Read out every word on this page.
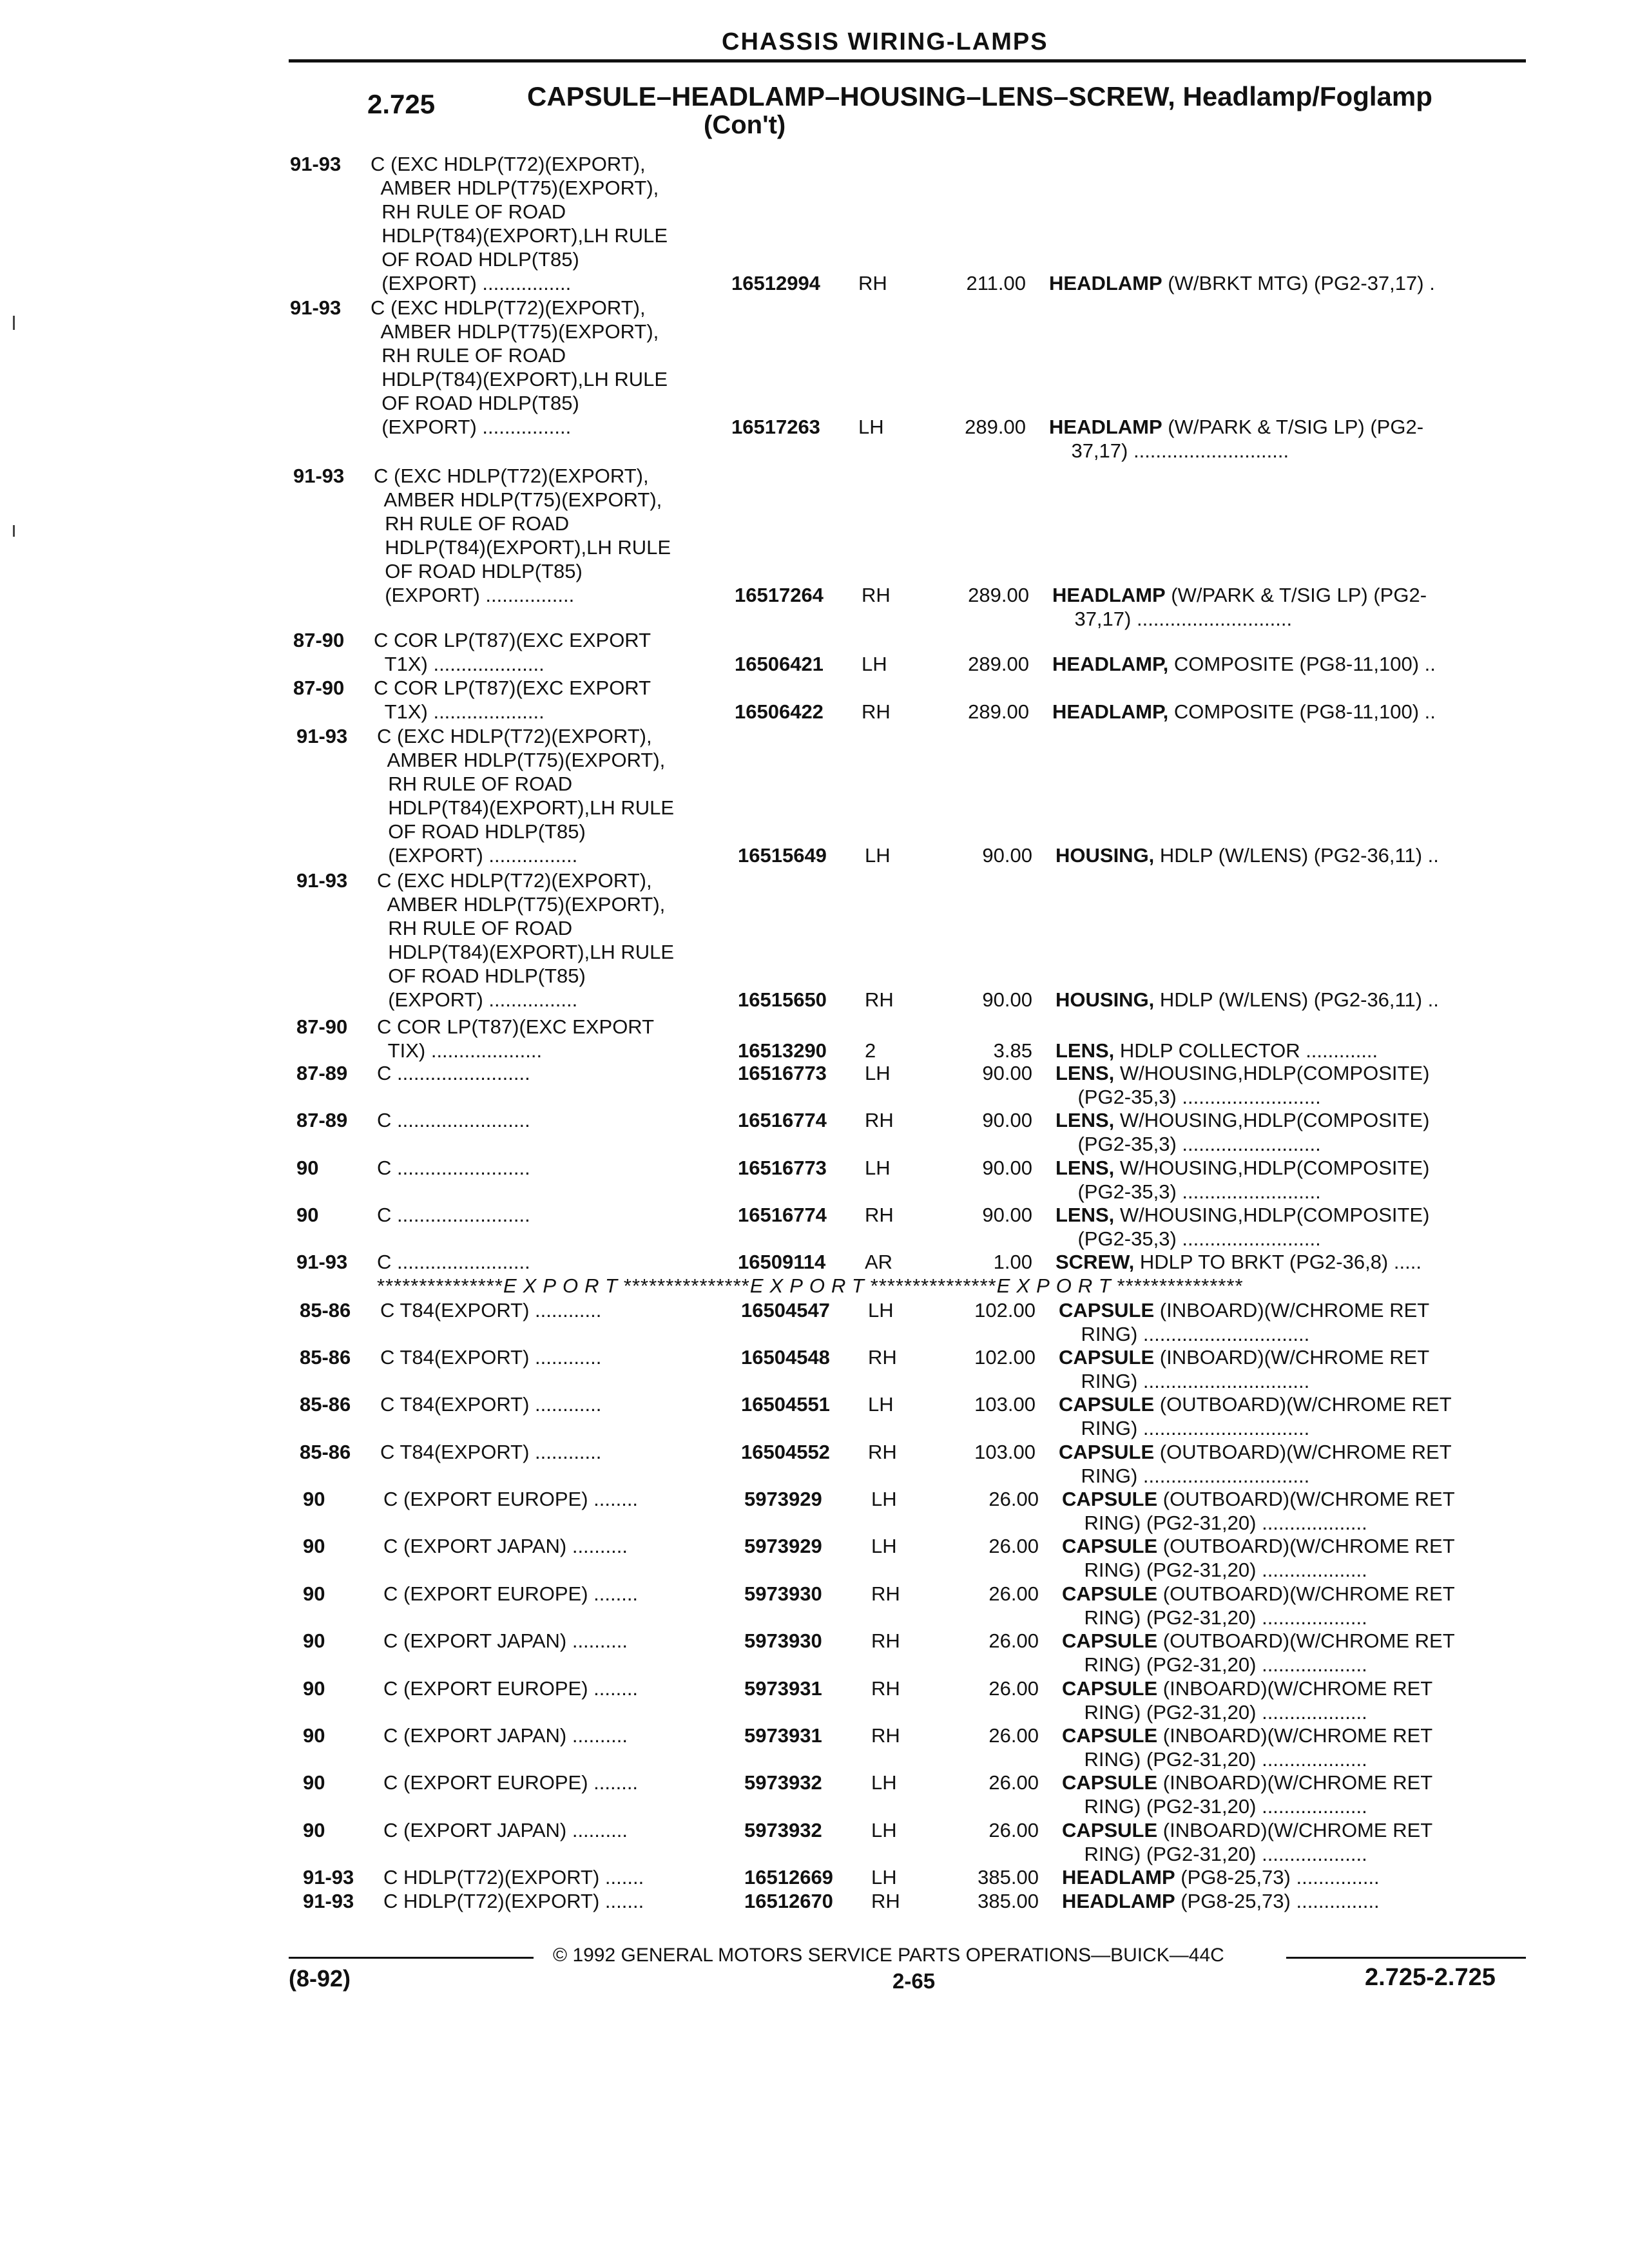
CHASSIS WIRING-LAMPS
2.725	CAPSULE–HEADLAMP–HOUSING–LENS–SCREW, Headlamp/Foglamp
(Con't)
91-93 C (EXC HDLP(T72)(EXPORT),
AMBER HDLP(T75)(EXPORT),
RH RULE OF ROAD
HDLP(T84)(EXPORT),LH RULE
OF ROAD HDLP(T85)
(EXPORT) ................	16512994 RH	211.00 HEADLAMP (W/BRKT MTG) (PG2-37,17) .
91-93 C (EXC HDLP(T72)(EXPORT),
AMBER HDLP(T75)(EXPORT),
RH RULE OF ROAD
HDLP(T84)(EXPORT),LH RULE
OF ROAD HDLP(T85)
(EXPORT) ................	16517263 LH	289.00 HEADLAMP (W/PARK & T/SIG LP) (PG2-
37,17) ............................
91-93 C (EXC HDLP(T72)(EXPORT),
AMBER HDLP(T75)(EXPORT),
RH RULE OF ROAD
HDLP(T84)(EXPORT),LH RULE
OF ROAD HDLP(T85)
(EXPORT) ................	16517264 RH	289.00 HEADLAMP (W/PARK & T/SIG LP) (PG2-
37,17) ............................
87-90 C COR LP(T87)(EXC EXPORT
T1X) ....................	16506421 LH	289.00 HEADLAMP, COMPOSITE (PG8-11,100) ..
87-90 C COR LP(T87)(EXC EXPORT
T1X) ....................	16506422 RH	289.00 HEADLAMP, COMPOSITE (PG8-11,100) ..
91-93 C (EXC HDLP(T72)(EXPORT),
AMBER HDLP(T75)(EXPORT),
RH RULE OF ROAD
HDLP(T84)(EXPORT),LH RULE
OF ROAD HDLP(T85)
(EXPORT) ................	16515649 LH	90.00 HOUSING, HDLP (W/LENS) (PG2-36,11) ..
91-93 C (EXC HDLP(T72)(EXPORT),
AMBER HDLP(T75)(EXPORT),
RH RULE OF ROAD
HDLP(T84)(EXPORT),LH RULE
OF ROAD HDLP(T85)
(EXPORT) ................	16515650 RH	90.00 HOUSING, HDLP (W/LENS) (PG2-36,11) ..
87-90 C COR LP(T87)(EXC EXPORT
TIX) ....................	16513290 2	3.85 LENS, HDLP COLLECTOR .............
87-89 C ........................	16516773 LH	90.00 LENS, W/HOUSING,HDLP(COMPOSITE)
(PG2-35,3) .........................
87-89 C ........................	16516774 RH	90.00 LENS, W/HOUSING,HDLP(COMPOSITE)
(PG2-35,3) .........................
90	C ........................	16516773 LH	90.00 LENS, W/HOUSING,HDLP(COMPOSITE)
(PG2-35,3) .........................
90	C ........................	16516774 RH	90.00 LENS, W/HOUSING,HDLP(COMPOSITE)
(PG2-35,3) .........................
91-93 C ........................	16509114 AR	1.00 SCREW, HDLP TO BRKT (PG2-36,8) .....
85-86 C T84(EXPORT) ............	16504547 LH	102.00 CAPSULE (INBOARD)(W/CHROME RET
RING) ..............................
85-86 C T84(EXPORT) ............	16504548 RH	102.00 CAPSULE (INBOARD)(W/CHROME RET
RING) ..............................
85-86 C T84(EXPORT) ............	16504551 LH	103.00 CAPSULE (OUTBOARD)(W/CHROME RET
RING) ..............................
85-86 C T84(EXPORT) ............	16504552 RH	103.00 CAPSULE (OUTBOARD)(W/CHROME RET
RING) ..............................
90	C (EXPORT EUROPE) ........	5973929 LH	26.00 CAPSULE (OUTBOARD)(W/CHROME RET
RING) (PG2-31,20) ...................
90	C (EXPORT JAPAN) ..........	5973929 LH	26.00 CAPSULE (OUTBOARD)(W/CHROME RET
RING) (PG2-31,20) ...................
90	C (EXPORT EUROPE) ........	5973930 RH	26.00 CAPSULE (OUTBOARD)(W/CHROME RET
RING) (PG2-31,20) ...................
90	C (EXPORT JAPAN) ..........	5973930 RH	26.00 CAPSULE (OUTBOARD)(W/CHROME RET
RING) (PG2-31,20) ...................
90	C (EXPORT EUROPE) ........	5973931 RH	26.00 CAPSULE (INBOARD)(W/CHROME RET
RING) (PG2-31,20) ...................
90	C (EXPORT JAPAN) ..........	5973931 RH	26.00 CAPSULE (INBOARD)(W/CHROME RET
RING) (PG2-31,20) ...................
90	C (EXPORT EUROPE) ........	5973932 LH	26.00 CAPSULE (INBOARD)(W/CHROME RET
RING) (PG2-31,20) ...................
90	C (EXPORT JAPAN) ..........	5973932 LH	26.00 CAPSULE (INBOARD)(W/CHROME RET
RING) (PG2-31,20) ...................
91-93 C HDLP(T72)(EXPORT) .......	16512669 LH	385.00 HEADLAMP (PG8-25,73) ...............
91-93 C HDLP(T72)(EXPORT) .......	16512670 RH	385.00 HEADLAMP (PG8-25,73) ...............
***************EXPORT***************EXPORT***************EXPORT***************
© 1992 GENERAL MOTORS SERVICE PARTS OPERATIONS—BUICK—44C
(8-92)	2-65	2.725-2.725
